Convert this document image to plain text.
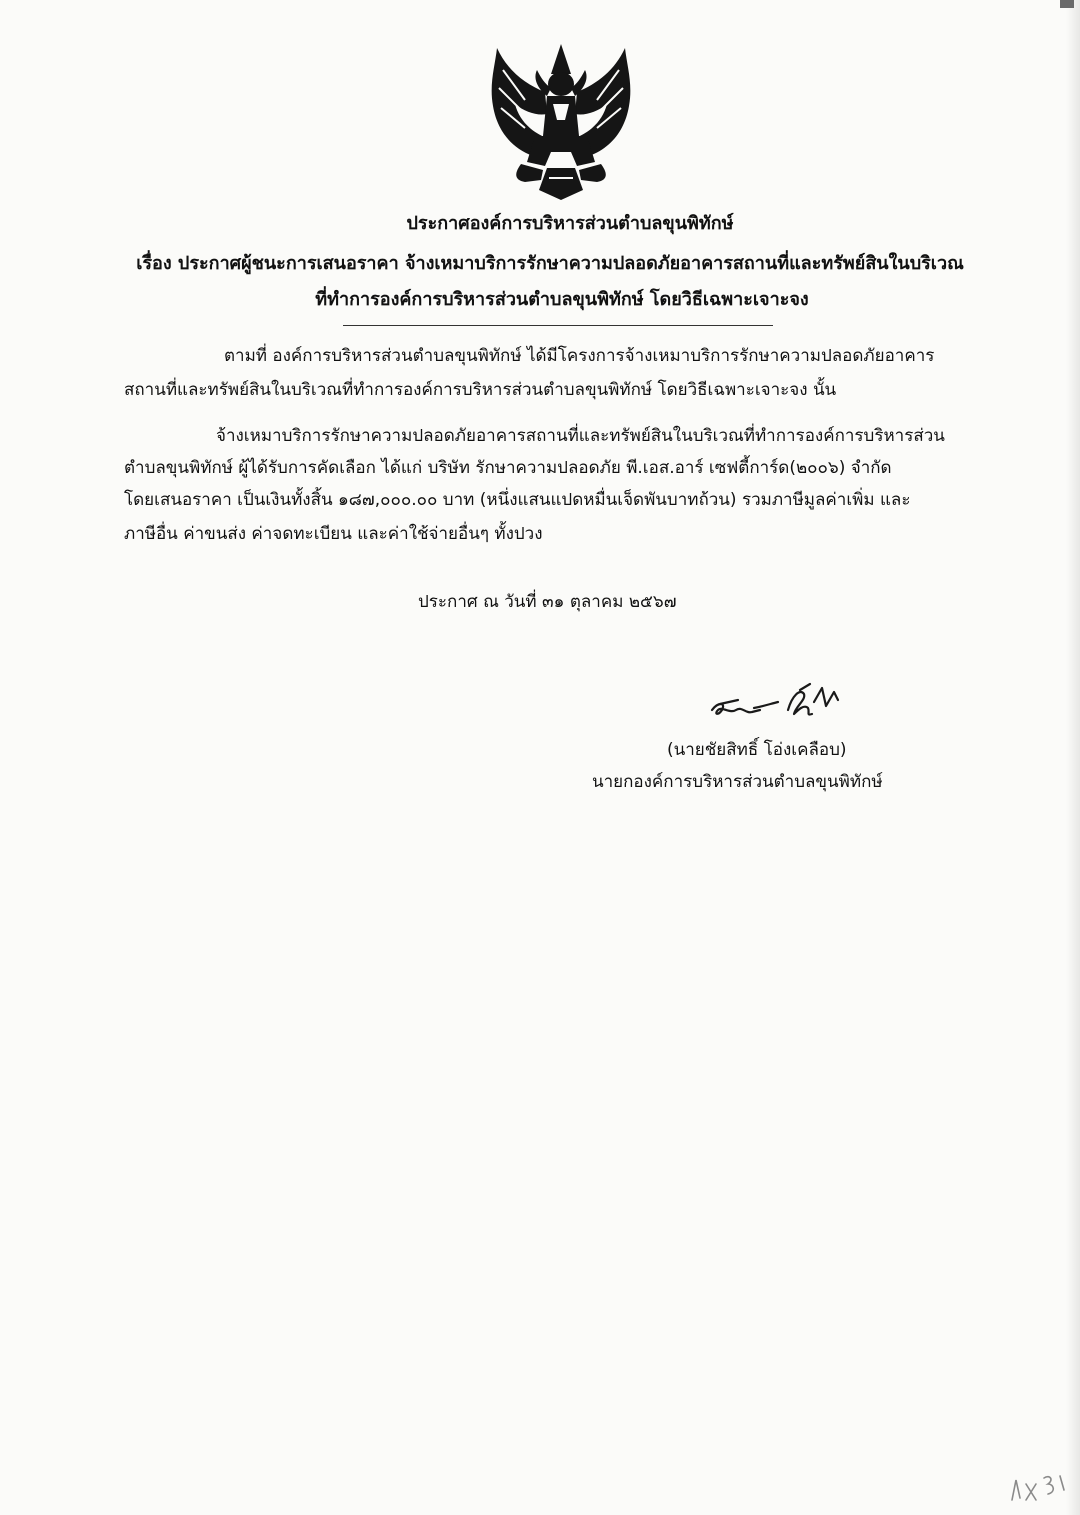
ประกาศองค์การบริหารส่วนตำบลขุนพิทักษ์
เรื่อง ประกาศผู้ชนะการเสนอราคา จ้างเหมาบริการรักษาความปลอดภัยอาคารสถานที่และทรัพย์สินในบริเวณ
ที่ทำการองค์การบริหารส่วนตำบลขุนพิทักษ์ โดยวิธีเฉพาะเจาะจง
ตามที่ องค์การบริหารส่วนตำบลขุนพิทักษ์ ได้มีโครงการจ้างเหมาบริการรักษาความปลอดภัยอาคาร
สถานที่และทรัพย์สินในบริเวณที่ทำการองค์การบริหารส่วนตำบลขุนพิทักษ์ โดยวิธีเฉพาะเจาะจง นั้น
จ้างเหมาบริการรักษาความปลอดภัยอาคารสถานที่และทรัพย์สินในบริเวณที่ทำการองค์การบริหารส่วน
ตำบลขุนพิทักษ์ ผู้ได้รับการคัดเลือก ได้แก่ บริษัท รักษาความปลอดภัย พี.เอส.อาร์ เซฟตี้การ์ด(๒๐๐๖) จำกัด
โดยเสนอราคา เป็นเงินทั้งสิ้น ๑๘๗,๐๐๐.๐๐ บาท (หนึ่งแสนแปดหมื่นเจ็ดพันบาทถ้วน) รวมภาษีมูลค่าเพิ่ม และ
ภาษีอื่น ค่าขนส่ง ค่าจดทะเบียน และค่าใช้จ่ายอื่นๆ ทั้งปวง
ประกาศ ณ วันที่ ๓๑ ตุลาคม ๒๕๖๗
(นายชัยสิทธิ์ โอ่งเคลือบ)
นายกองค์การบริหารส่วนตำบลขุนพิทักษ์
